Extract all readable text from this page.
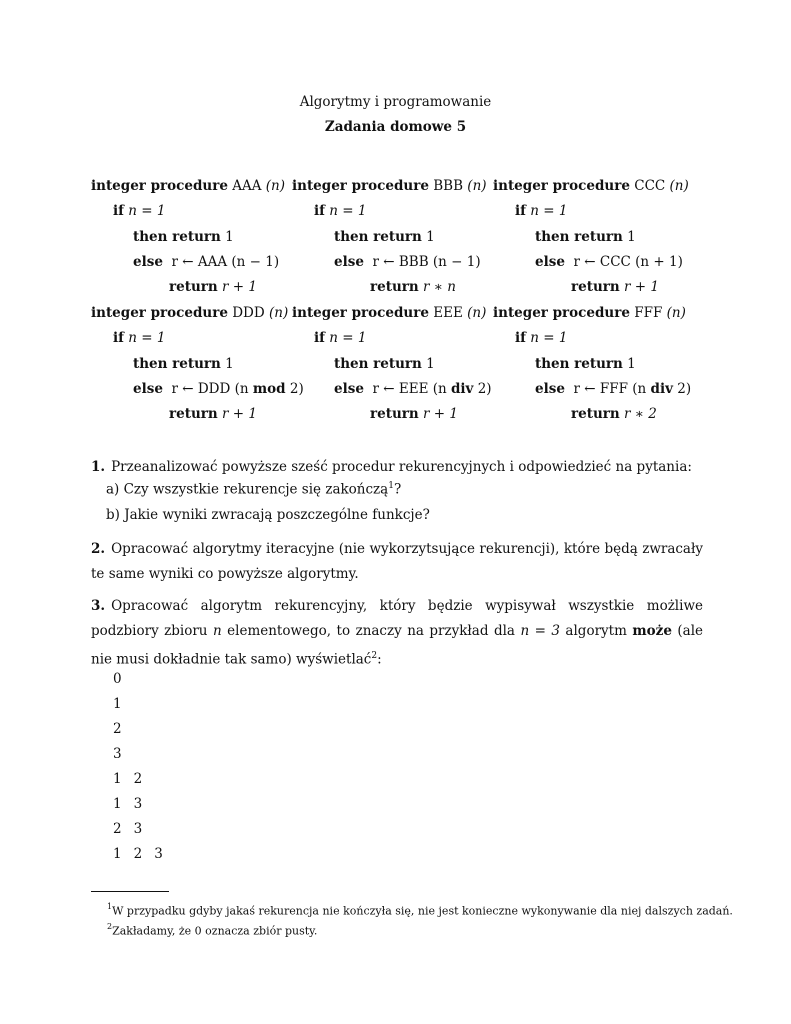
Algorytmy i programowanie
Zadania domowe 5
integer procedure AAA (n)
if n = 1
then return 1
else r ← AAA (n − 1)
return r + 1
integer procedure BBB (n)
if n = 1
then return 1
else r ← BBB (n − 1)
return r ∗ n
integer procedure CCC (n)
if n = 1
then return 1
else r ← CCC (n + 1)
return r + 1
integer procedure DDD (n)
if n = 1
then return 1
else r ← DDD (n mod 2)
return r + 1
integer procedure EEE (n)
if n = 1
then return 1
else r ← EEE (n div 2)
return r + 1
integer procedure FFF (n)
if n = 1
then return 1
else r ← FFF (n div 2)
return r ∗ 2
1. Przeanalizować powyższe sześć procedur rekurencyjnych i odpowiedzieć na pytania:
a) Czy wszystkie rekurencje się zakończą$^1$?
b) Jakie wyniki zwracają poszczególne funkcje?
2. Opracować algorytmy iteracyjne (nie wykorzytsujące rekurencji), które będą zwracały te same wyniki co powyższe algorytmy.
3. Opracować algorytm rekurencyjny, który będzie wypisywał wszystkie możliwe podzbiory zbioru n elementowego, to znaczy na przykład dla n = 3 algorytm może (ale nie musi dokładnie tak samo) wyświetlać$^2$:
0
1
2
3
1 2
1 3
2 3
1 2 3
$^1$W przypadku gdyby jakaś rekurencja nie kończyła się, nie jest konieczne wykonywanie dla niej dalszych zadań.
$^2$Zakładamy, że 0 oznacza zbiór pusty.
